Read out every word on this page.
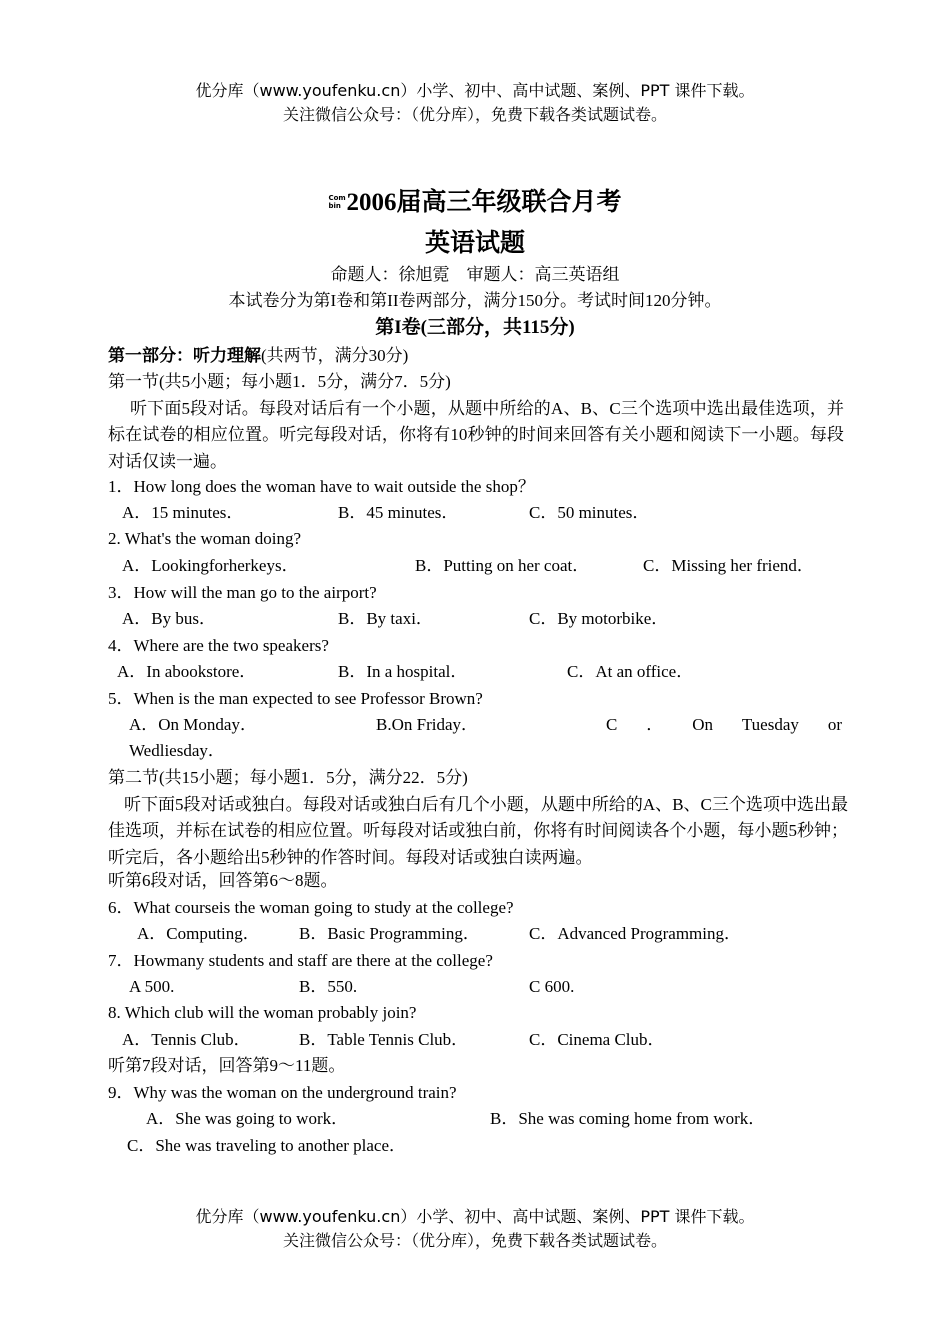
优分库（www.youfenku.cn）小学、初中、高中试题、案例、PPT 课件下载。
关注微信公众号：（优分库），免费下载各类试题试卷。
Combin 2006届高三年级联合月考
英语试题
命题人：徐旭霓　审题人：高三英语组
本试卷分为第I卷和第II卷两部分，满分150分。考试时间120分钟。
第I卷(三部分，共115分)
第一部分：听力理解(共两节，满分30分)
第一节(共5小题；每小题1．5分，满分7．5分)
听下面5段对话。每段对话后有一个小题，从题中所给的A、B、C三个选项中选出最佳选项，并标在试卷的相应位置。听完每段对话，你将有10秒钟的时间来回答有关小题和阅读下一小题。每段对话仅读一遍。
1．How long does the woman have to wait outside the shop？
A．15 minutes．	B．45 minutes．	C．50 minutes．
2. What's the woman doing?
A．Lookingforherkeys．	B．Putting on her coat．	C．Missing her friend．
3．How will the man go to the airport?
A．By bus．	B．By taxi．	C．By motorbike．
4．Where are the two speakers?
A．In abookstore．	B．In a hospital．	C．At an office．
5．When is the man expected to see Professor Brown?
A．On Monday．	B.On Friday．	C ． On Tuesday or
Wedliesday．
第二节(共15小题；每小题1．5分，满分22．5分)
听下面5段对话或独白。每段对话或独白后有几个小题，从题中所给的A、B、C三个选项中选出最佳选项，并标在试卷的相应位置。听每段对话或独白前，你将有时间阅读各个小题，每小题5秒钟；听完后，各小题给出5秒钟的作答时间。每段对话或独白读两遍。
听第6段对话，回答第6～8题。
6．What courseis the woman going to study at the college?
A．Computing． B．Basic Programming．	C．Advanced Programming．
7．Howmany students and staff are there at the college?
A 500.	B．550.	C 600.
8. Which club will the woman probably join?
A．Tennis Club．	B．Table Tennis Club．	C．Cinema Club．
听第7段对话，回答第9～11题。
9．Why was the woman on the underground train?
A．She was going to work．	B．She was coming home from work．
C．She was traveling to another place．
优分库（www.youfenku.cn）小学、初中、高中试题、案例、PPT 课件下载。
关注微信公众号：（优分库），免费下载各类试题试卷。
